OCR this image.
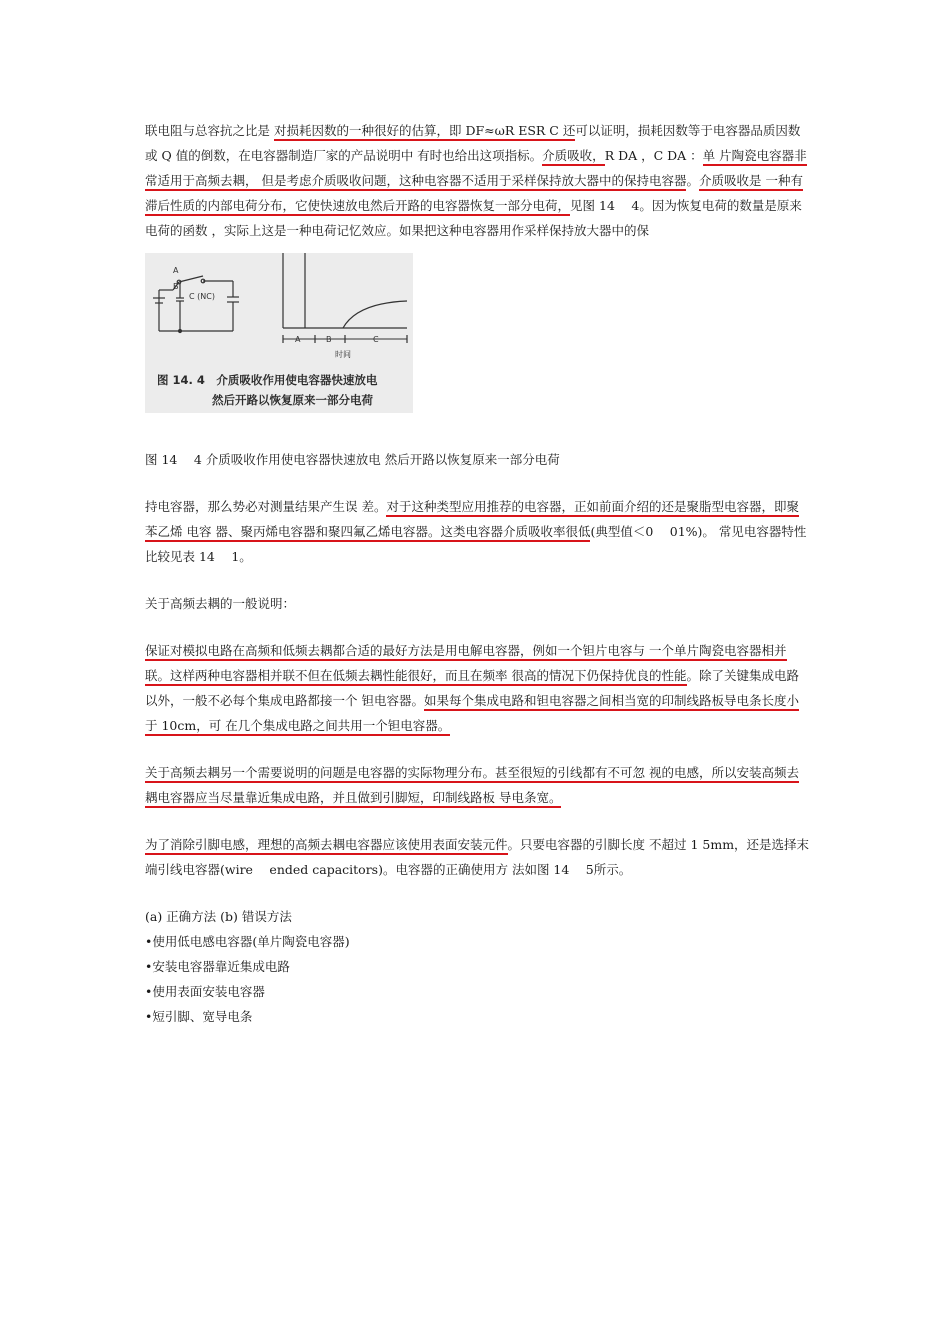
联电阻与总容抗之比是 对损耗因数的一种很好的估算，即 DF≈ωR ESR C 还可以证明，损耗因数等于电容器品质因数或 Q 值的倒数，在电容器制造厂家的产品说明中 有时也给出这项指标。介质吸收，R DA ，C DA ：单 片陶瓷电容器非常适用于高频去耦， 但是考虑介质吸收问题，这种电容器不适用于采样保持放大器中的保持电容器。介质吸收是 一种有滞后性质的内部电荷分布，它使快速放电然后开路的电容器恢复一部分电荷，见图 14　 4。因为恢复电荷的数量是原来电荷的函数 ，实际上这是一种电荷记忆效应。如果把这种电容器用作采样保持放大器中的保

A
B
C (NC)
A	B	C
时间
图 14. 4　介质吸收作用使电容器快速放电
然后开路以恢复原来一部分电荷

图 14　 4 介质吸收作用使电容器快速放电 然后开路以恢复原来一部分电荷

持电容器，那么势必对测量结果产生误 差。对于这种类型应用推荐的电容器，正如前面介绍的还是聚脂型电容器，即聚苯乙烯 电容 器、聚丙烯电容器和聚四氟乙烯电容器。这类电容器介质吸收率很低(典型值＜0　 01%)。 常见电容器特性比较见表 14　 1。

关于高频去耦的一般说明：

保证对模拟电路在高频和低频去耦都合适的最好方法是用电解电容器，例如一个钽片电容与 一个单片陶瓷电容器相并联。这样两种电容器相并联不但在低频去耦性能很好，而且在频率 很高的情况下仍保持优良的性能。除了关键集成电路以外，一般不必每个集成电路都接一个 钽电容器。如果每个集成电路和钽电容器之间相当宽的印制线路板导电条长度小于 10cm，可 在几个集成电路之间共用一个钽电容器。

关于高频去耦另一个需要说明的问题是电容器的实际物理分布。甚至很短的引线都有不可忽 视的电感，所以安装高频去耦电容器应当尽量靠近集成电路，并且做到引脚短，印制线路板 导电条宽。

为了消除引脚电感，理想的高频去耦电容器应该使用表面安装元件。只要电容器的引脚长度 不超过 1 5mm，还是选择末端引线电容器(wire　 ended capacitors)。电容器的正确使用方 法如图 14　 5所示。

(a) 正确方法 (b) 错误方法

•使用低电感电容器(单片陶瓷电容器)
•安装电容器靠近集成电路
•使用表面安装电容器
•短引脚、宽导电条
